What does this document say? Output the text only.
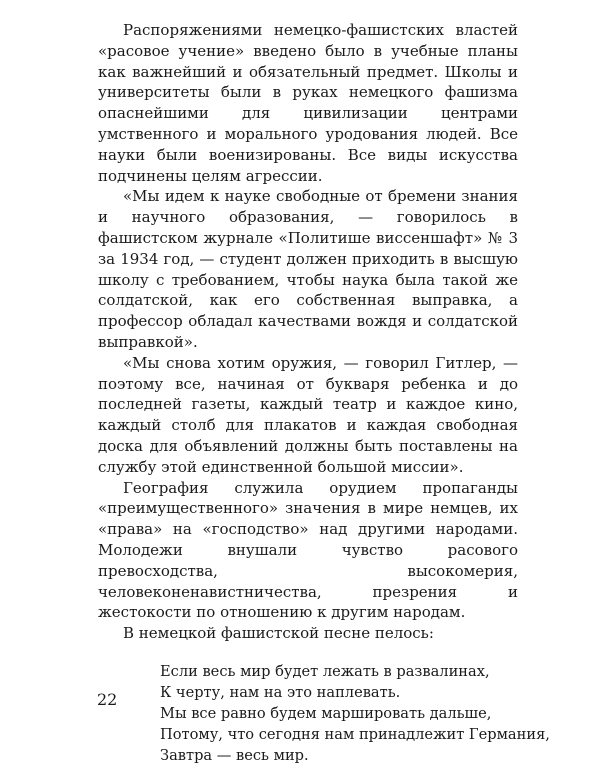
Распоряжениями немецко-фашистских властей «расовое учение» введено было в учебные планы как важнейший и обязательный предмет. Школы и университеты были в руках немецкого фашизма опаснейшими для цивилизации центрами умственного и морального уродования людей. Все науки были военизированы. Все виды искусства подчинены целям агрессии.

«Мы идем к науке свободные от бремени знания и научного образования, — говорилось в фашистском журнале «Политише виссеншафт» № 3 за 1934 год, — студент должен приходить в высшую школу с требованием, чтобы наука была такой же солдатской, как его собственная выправка, а профессор обладал качествами вождя и солдатской выправкой».

«Мы снова хотим оружия, — говорил Гитлер, — поэтому все, начиная от букваря ребенка и до последней газеты, каждый театр и каждое кино, каждый столб для плакатов и каждая свободная доска для объявлений должны быть поставлены на службу этой единственной большой миссии».

География служила орудием пропаганды «преимущественного» значения в мире немцев, их «права» на «господство» над другими народами. Молодежи внушали чувство расового превосходства, высокомерия, человеконенавистничества, презрения и жестокости по отношению к другим народам.

В немецкой фашистской песне пелось:

Если весь мир будет лежать в развалинах,
К черту, нам на это наплевать.
Мы все равно будем маршировать дальше,
Потому, что сегодня нам принадлежит Германия,
Завтра — весь мир.
22
